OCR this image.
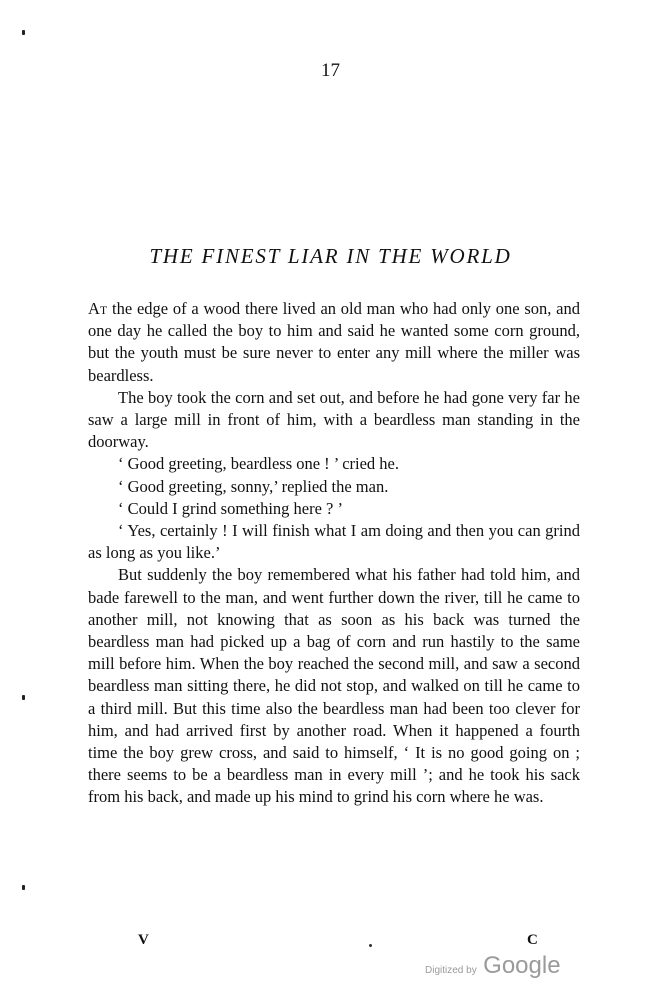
17
THE FINEST LIAR IN THE WORLD

At the edge of a wood there lived an old man who had only one son, and one day he called the boy to him and said he wanted some corn ground, but the youth must be sure never to enter any mill where the miller was beardless.

The boy took the corn and set out, and before he had gone very far he saw a large mill in front of him, with a beardless man standing in the doorway.

‘ Good greeting, beardless one ! ’ cried he.

‘ Good greeting, sonny,’ replied the man.

‘ Could I grind something here ? ’

‘ Yes, certainly ! I will finish what I am doing and then you can grind as long as you like.’

But suddenly the boy remembered what his father had told him, and bade farewell to the man, and went further down the river, till he came to another mill, not knowing that as soon as his back was turned the beardless man had picked up a bag of corn and run hastily to the same mill before him. When the boy reached the second mill, and saw a second beardless man sitting there, he did not stop, and walked on till he came to a third mill. But this time also the beardless man had been too clever for him, and had arrived first by another road. When it happened a fourth time the boy grew cross, and said to himself, ‘ It is no good going on ; there seems to be a beardless man in every mill ’; and he took his sack from his back, and made up his mind to grind his corn where he was.

V	C
Digitized by Google
